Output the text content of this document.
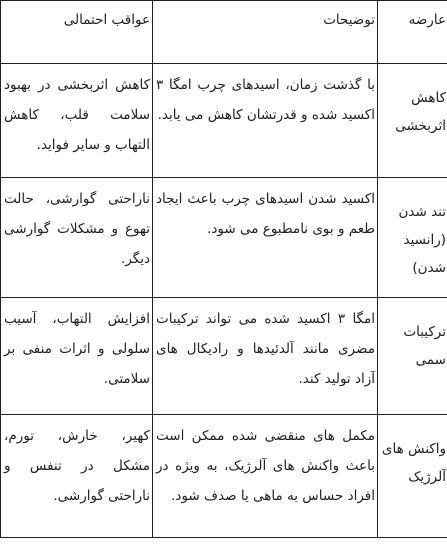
عارضه	توضیحات	عواقب احتمالی

کاهش اثربخشی	با گذشت زمان، اسیدهای چرب امگا ۳ اکسید شده و قدرتشان کاهش می یابد.	کاهش اثربخشی در بهبود سلامت قلب، کاهش التهاب و سایر فواید.

تند شدن (رانسید شدن)	اکسید شدن اسیدهای چرب باعث ایجاد طعم و بوی نامطبوع می شود.	ناراحتی گوارشی، حالت تهوع و مشکلات گوارشی دیگر.

ترکیبات سمی	امگا ۳ اکسید شده می تواند ترکیبات مضری مانند آلدئیدها و رادیکال های آزاد تولید کند.	افزایش التهاب، آسیب سلولی و اثرات منفی بر سلامتی.

واکنش های آلرژیک	مکمل های منقضی شده ممکن است باعث واکنش های آلرژیک، به ویژه در افراد حساس به ماهی یا صدف شود.	کهیر، خارش، تورم، مشکل در تنفس و ناراحتی گوارشی.
